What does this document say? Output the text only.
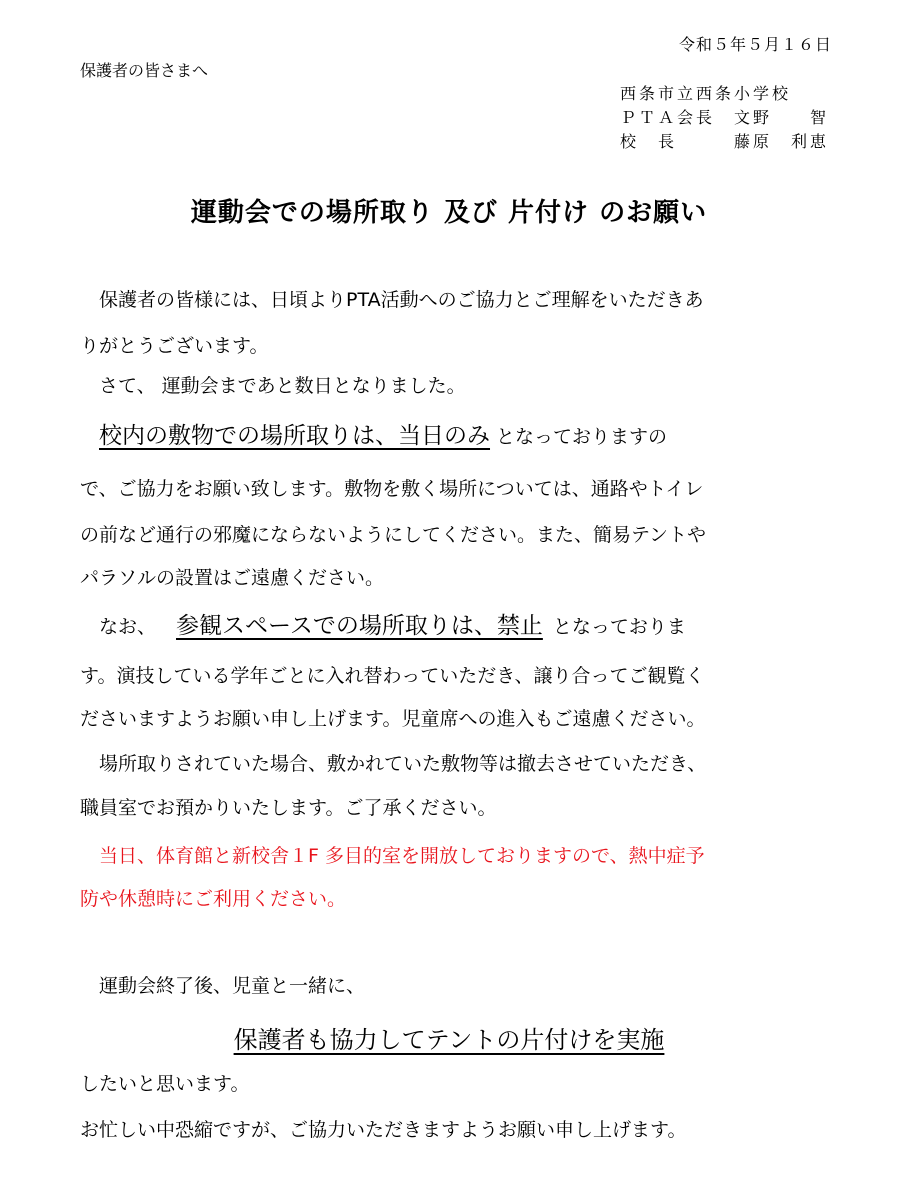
令和５年５月１６日
保護者の皆さまへ
西条市立西条小学校
ＰＴＡ会長　文野　　智
校　長　　　藤原　利恵
運動会での場所取り 及び 片付け のお願い
　保護者の皆様には、日頃よりPTA活動へのご協力とご理解をいただきあ
りがとうございます。
　さて、 運動会まであと数日となりました。
　校内の敷物での場所取りは、当日のみ となっておりますの
で、ご協力をお願い致します。敷物を敷く場所については、通路やトイレ
の前など通行の邪魔にならないようにしてください。また、簡易テントや
パラソルの設置はご遠慮ください。
　なお、 参観スペースでの場所取りは、禁止 となっておりま
す。演技している学年ごとに入れ替わっていただき、譲り合ってご観覧く
ださいますようお願い申し上げます。児童席への進入もご遠慮ください。
　場所取りされていた場合、敷かれていた敷物等は撤去させていただき、
職員室でお預かりいたします。ご了承ください。
　当日、体育館と新校舎１F 多目的室を開放しておりますので、熱中症予
防や休憩時にご利用ください。
　運動会終了後、児童と一緒に、
保護者も協力してテントの片付けを実施
したいと思います。
お忙しい中恐縮ですが、ご協力いただきますようお願い申し上げます。
